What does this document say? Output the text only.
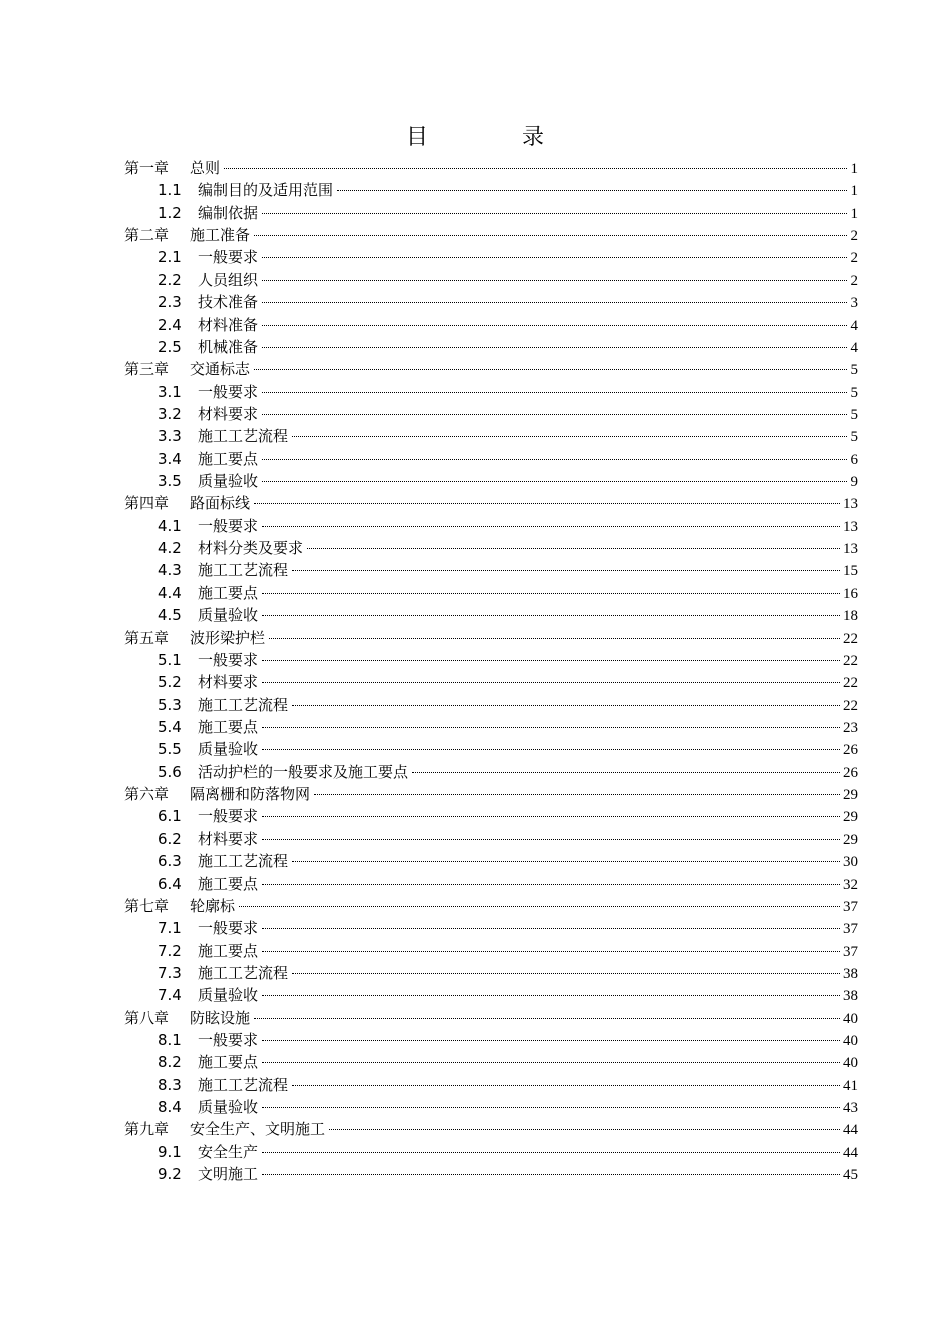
目　录
第一章	总则	1
1.1	编制目的及适用范围	1
1.2	编制依据	1
第二章	施工准备	2
2.1	一般要求	2
2.2	人员组织	2
2.3	技术准备	3
2.4	材料准备	4
2.5	机械准备	4
第三章	交通标志	5
3.1	一般要求	5
3.2	材料要求	5
3.3	施工工艺流程	5
3.4	施工要点	6
3.5	质量验收	9
第四章	路面标线	13
4.1	一般要求	13
4.2	材料分类及要求	13
4.3	施工工艺流程	15
4.4	施工要点	16
4.5	质量验收	18
第五章	波形梁护栏	22
5.1	一般要求	22
5.2	材料要求	22
5.3	施工工艺流程	22
5.4	施工要点	23
5.5	质量验收	26
5.6	活动护栏的一般要求及施工要点	26
第六章	隔离栅和防落物网	29
6.1	一般要求	29
6.2	材料要求	29
6.3	施工工艺流程	30
6.4	施工要点	32
第七章	轮廓标	37
7.1	一般要求	37
7.2	施工要点	37
7.3	施工工艺流程	38
7.4	质量验收	38
第八章	防眩设施	40
8.1	一般要求	40
8.2	施工要点	40
8.3	施工工艺流程	41
8.4	质量验收	43
第九章	安全生产、文明施工	44
9.1	安全生产	44
9.2	文明施工	45
